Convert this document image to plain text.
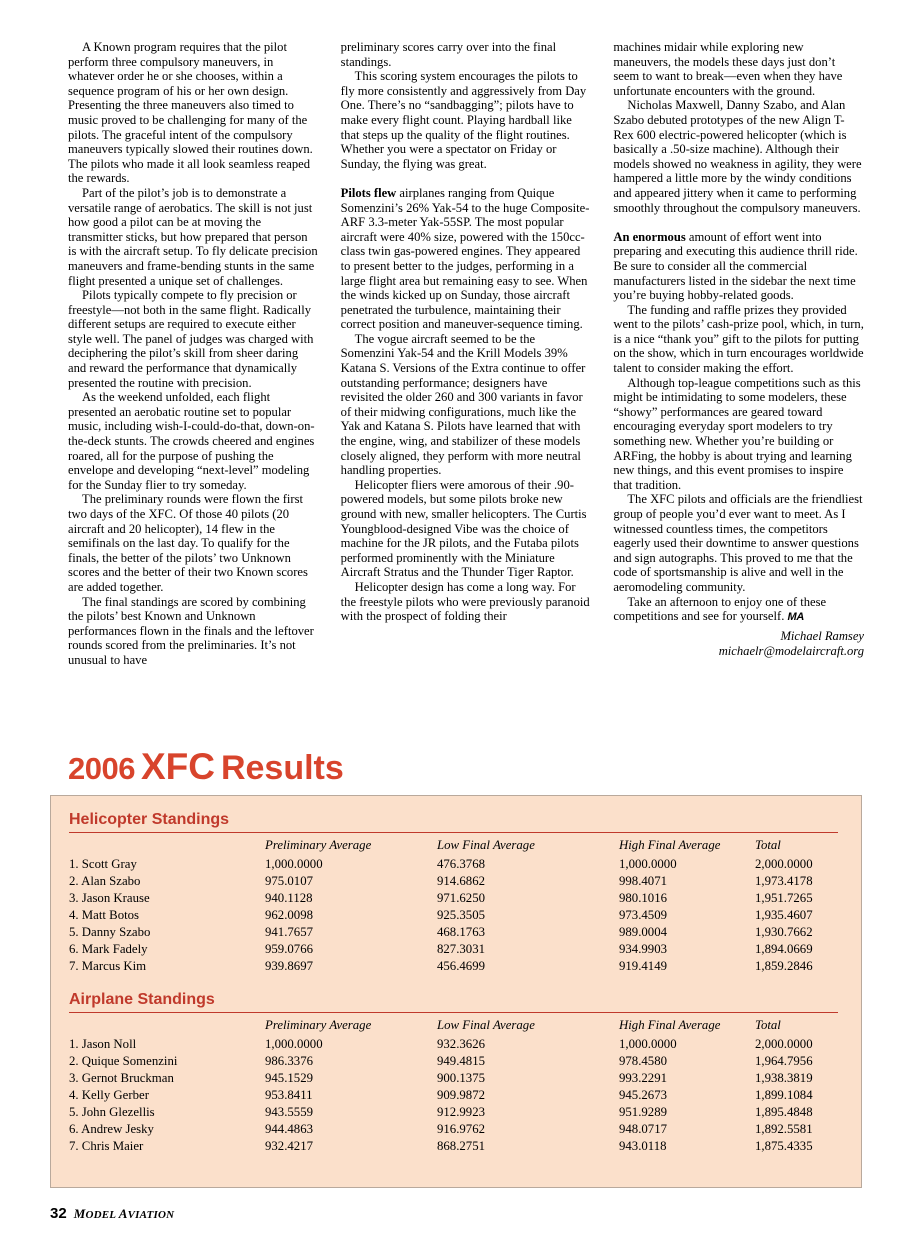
A Known program requires that the pilot perform three compulsory maneuvers, in whatever order he or she chooses, within a sequence program of his or her own design. Presenting the three maneuvers also timed to music proved to be challenging for many of the pilots. The graceful intent of the compulsory maneuvers typically slowed their routines down. The pilots who made it all look seamless reaped the rewards.

Part of the pilot’s job is to demonstrate a versatile range of aerobatics. The skill is not just how good a pilot can be at moving the transmitter sticks, but how prepared that person is with the aircraft setup. To fly delicate precision maneuvers and frame-bending stunts in the same flight presented a unique set of challenges.

Pilots typically compete to fly precision or freestyle—not both in the same flight. Radically different setups are required to execute either style well. The panel of judges was charged with deciphering the pilot’s skill from sheer daring and reward the performance that dynamically presented the routine with precision.

As the weekend unfolded, each flight presented an aerobatic routine set to popular music, including wish-I-could-do-that, down-on-the-deck stunts. The crowds cheered and engines roared, all for the purpose of pushing the envelope and developing “next-level” modeling for the Sunday flier to try someday.

The preliminary rounds were flown the first two days of the XFC. Of those 40 pilots (20 aircraft and 20 helicopter), 14 flew in the semifinals on the last day. To qualify for the finals, the better of the pilots’ two Unknown scores and the better of their two Known scores are added together.

The final standings are scored by combining the pilots’ best Known and Unknown performances flown in the finals and the leftover rounds scored from the preliminaries. It’s not unusual to have

preliminary scores carry over into the final standings.

This scoring system encourages the pilots to fly more consistently and aggressively from Day One. There’s no “sandbagging”; pilots have to make every flight count. Playing hardball like that steps up the quality of the flight routines. Whether you were a spectator on Friday or Sunday, the flying was great.

Pilots flew airplanes ranging from Quique Somenzini’s 26% Yak-54 to the huge Composite-ARF 3.3-meter Yak-55SP. The most popular aircraft were 40% size, powered with the 150cc-class twin gas-powered engines. They appeared to present better to the judges, performing in a large flight area but remaining easy to see. When the winds kicked up on Sunday, those aircraft penetrated the turbulence, maintaining their correct position and maneuver-sequence timing.

The vogue aircraft seemed to be the Somenzini Yak-54 and the Krill Models 39% Katana S. Versions of the Extra continue to offer outstanding performance; designers have revisited the older 260 and 300 variants in favor of their midwing configurations, much like the Yak and Katana S. Pilots have learned that with the engine, wing, and stabilizer of these models closely aligned, they perform with more neutral handling properties.

Helicopter fliers were amorous of their .90-powered models, but some pilots broke new ground with new, smaller helicopters. The Curtis Youngblood-designed Vibe was the choice of machine for the JR pilots, and the Futaba pilots performed prominently with the Miniature Aircraft Stratus and the Thunder Tiger Raptor.

Helicopter design has come a long way. For the freestyle pilots who were previously paranoid with the prospect of folding their

machines midair while exploring new maneuvers, the models these days just don’t seem to want to break—even when they have unfortunate encounters with the ground.

Nicholas Maxwell, Danny Szabo, and Alan Szabo debuted prototypes of the new Align T-Rex 600 electric-powered helicopter (which is basically a .50-size machine). Although their models showed no weakness in agility, they were hampered a little more by the windy conditions and appeared jittery when it came to performing smoothly throughout the compulsory maneuvers.

An enormous amount of effort went into preparing and executing this audience thrill ride. Be sure to consider all the commercial manufacturers listed in the sidebar the next time you’re buying hobby-related goods.

The funding and raffle prizes they provided went to the pilots’ cash-prize pool, which, in turn, is a nice “thank you” gift to the pilots for putting on the show, which in turn encourages worldwide talent to consider making the effort.

Although top-league competitions such as this might be intimidating to some modelers, these “showy” performances are geared toward encouraging everyday sport modelers to try something new. Whether you’re building or ARFing, the hobby is about trying and learning new things, and this event promises to inspire that tradition.

The XFC pilots and officials are the friendliest group of people you’d ever want to meet. As I witnessed countless times, the competitors eagerly used their downtime to answer questions and sign autographs. This proved to me that the code of sportsmanship is alive and well in the aeromodeling community.

Take an afternoon to enjoy one of these competitions and see for yourself. MA

Michael Ramsey
michaelr@modelaircraft.org
2006 XFC Results
Helicopter Standings
	Preliminary Average	Low Final Average	High Final Average	Total
1. Scott Gray	1,000.0000	476.3768	1,000.0000	2,000.0000
2. Alan Szabo	975.0107	914.6862	998.4071	1,973.4178
3. Jason Krause	940.1128	971.6250	980.1016	1,951.7265
4. Matt Botos	962.0098	925.3505	973.4509	1,935.4607
5. Danny Szabo	941.7657	468.1763	989.0004	1,930.7662
6. Mark Fadely	959.0766	827.3031	934.9903	1,894.0669
7. Marcus Kim	939.8697	456.4699	919.4149	1,859.2846
Airplane Standings
	Preliminary Average	Low Final Average	High Final Average	Total
1. Jason Noll	1,000.0000	932.3626	1,000.0000	2,000.0000
2. Quique Somenzini	986.3376	949.4815	978.4580	1,964.7956
3. Gernot Bruckman	945.1529	900.1375	993.2291	1,938.3819
4. Kelly Gerber	953.8411	909.9872	945.2673	1,899.1084
5. John Glezellis	943.5559	912.9923	951.9289	1,895.4848
6. Andrew Jesky	944.4863	916.9762	948.0717	1,892.5581
7. Chris Maier	932.4217	868.2751	943.0118	1,875.4335
32 MODEL AVIATION
